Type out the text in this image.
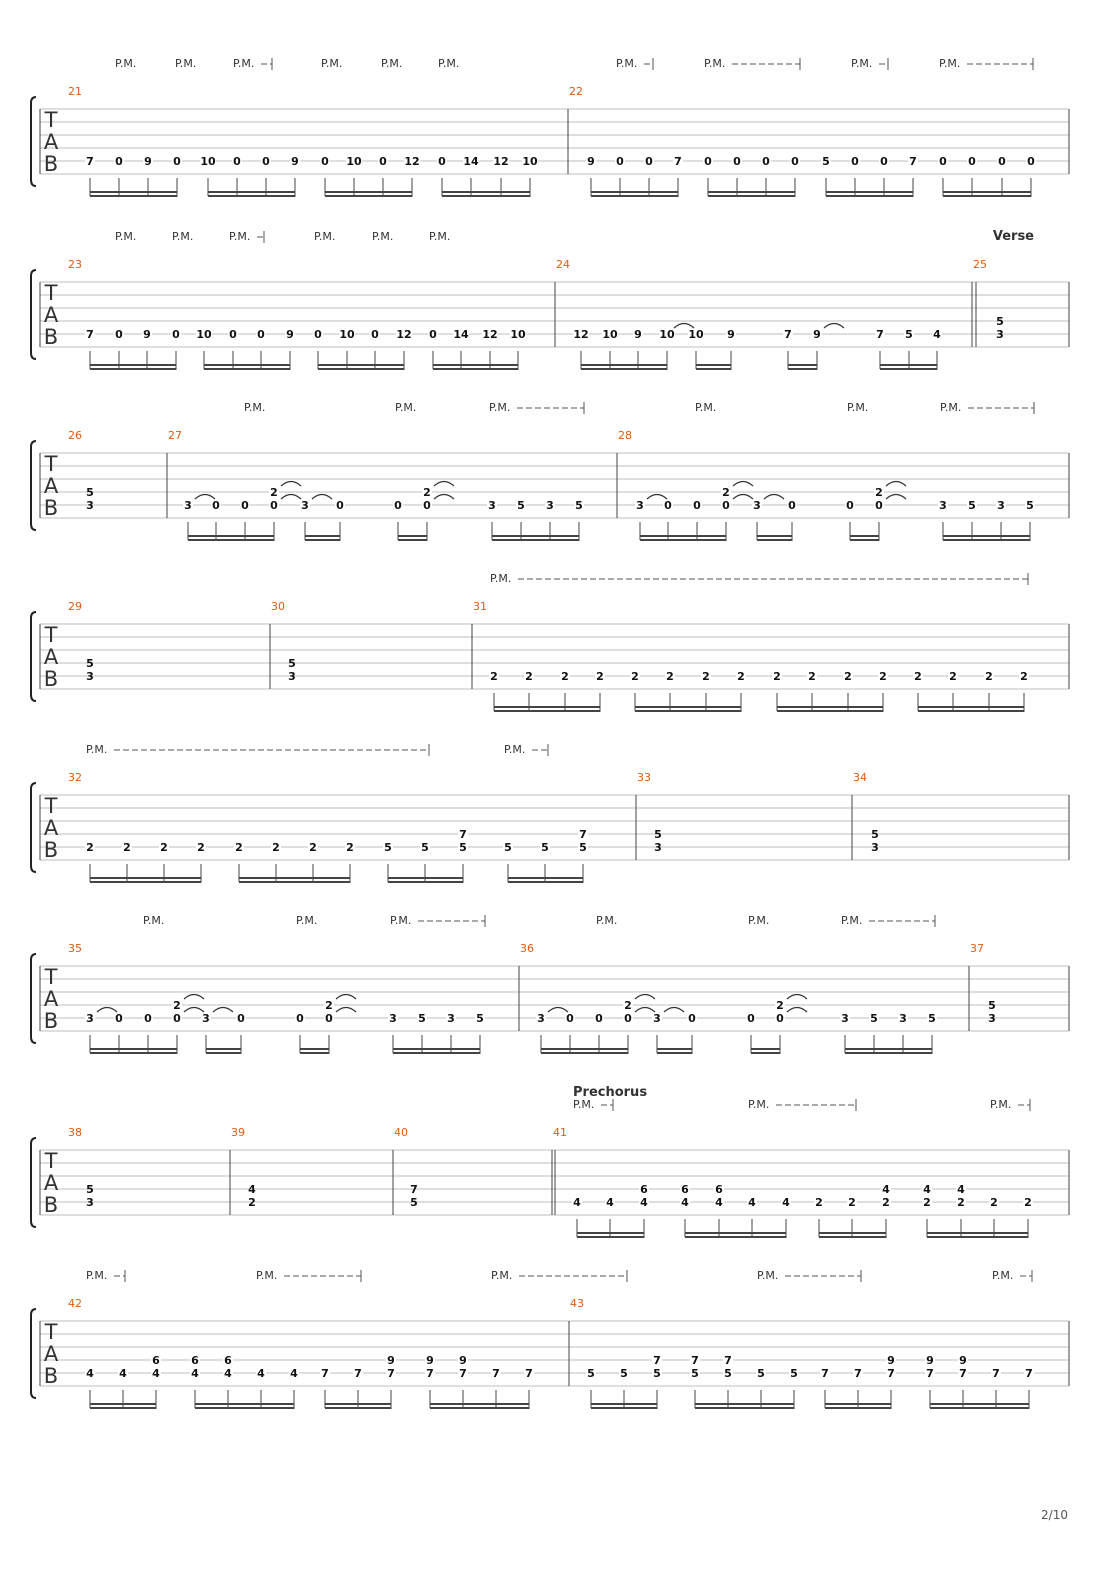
T
A
B
21
7 0 9 0 10 0 0 9 0 10 0 12 0 14 12 10
22
9 0 0 7 0 0 0 0 5 0 0 7 0 0 0 0
P.M.	P.M.	P.M.	P.M.	P.M.	P.M.	P.M.	P.M.	P.M.	P.M.
T
A
B
23
7 0 9 0 10 0 0 9 0 10 0 12 0 14 12 10
24
12 10 9 10 10 9	7 9	7 5 4
25
5
3
P.M.	P.M.	P.M.	P.M.	P.M.	P.M.	Verse
T
A
B
26
5
3
27
3 0 0 0
2
3 0	0 0
2
3 5 3 5
28
3 0 0 0
2
3 0	0 0
2
3 5 3 5
P.M.	P.M.	P.M.	P.M.	P.M.	P.M.
T
A
B
29
5
3
30
5
3
31
2 2	2 2 2 2	2 2	2 2	2 2 2 2	2 2
P.M.
T
A
B
32
2	2	2	2	2	2	2	2	5	5	5
7
5	5	5
7
33
5
3
34
5
3
P.M.	P.M.
T
A
B
35
3 0 0 0
2
3 0	0 0
2
3 5 3 5
36
3 0 0 0
2
3 0	0 0
2
3 5 3 5
37
5
3
P.M.	P.M.	P.M.	P.M.	P.M.	P.M.
T
A
B
38
5
3
39
4
2
40
7
5
41
4 4 4
6
4
6
4
6
4 4 2 2 2
4
2
4
2
4
2 2
P.M.	P.M.	P.M.
Prechorus
T
A
B
42
4 4 4
6
4
6
4
6
4 4 7 7 7
9
7
9
7
9
7 7
43
5 5 5
7
5
7
5
7
5 5 7 7 7
9
7
9
7
9
7 7
P.M.	P.M.	P.M.	P.M.	P.M.
2/10
